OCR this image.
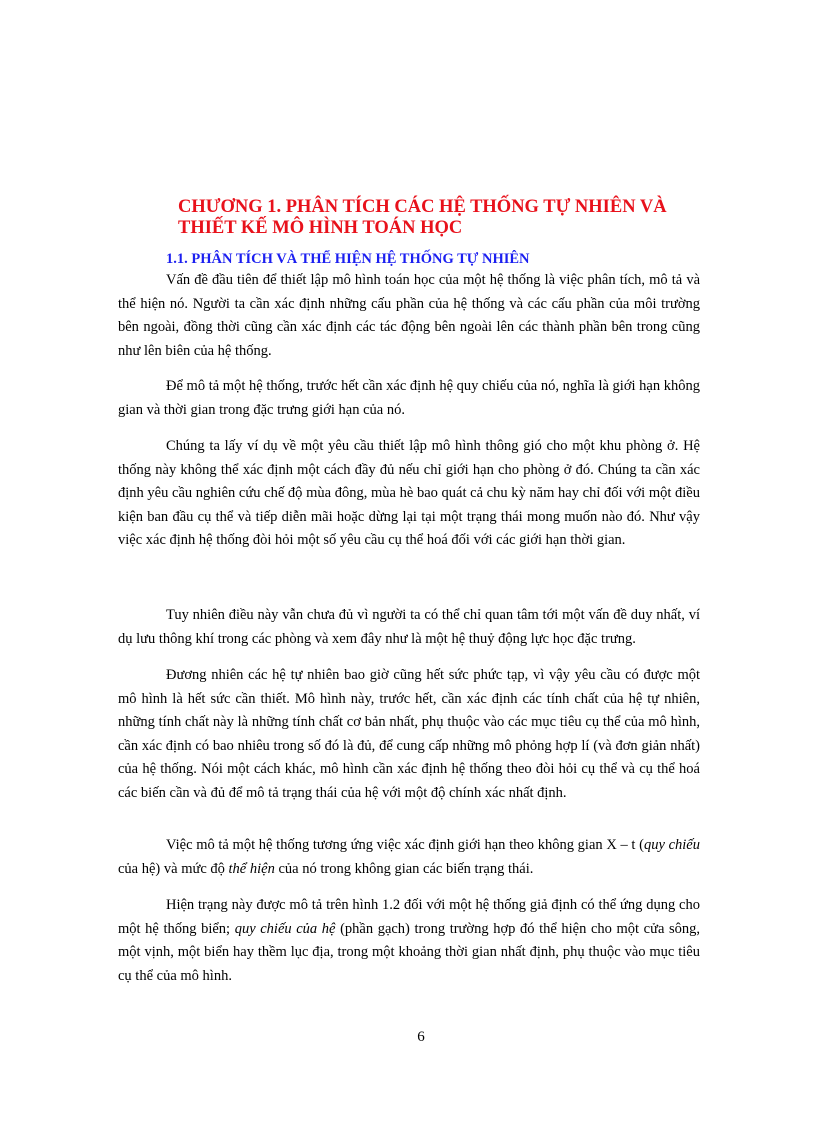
CHƯƠNG 1. PHÂN TÍCH CÁC HỆ THỐNG TỰ NHIÊN VÀ
THIẾT KẾ MÔ HÌNH TOÁN HỌC
1.1. PHÂN TÍCH VÀ THỂ HIỆN HỆ THỐNG TỰ NHIÊN

Vấn đề đầu tiên để thiết lập mô hình toán học của một hệ thống là việc phân tích, mô tả và thể hiện nó. Người ta cần xác định những cấu phần của hệ thống và các cấu phần của môi trường bên ngoài, đồng thời cũng cần xác định các tác động bên ngoài lên các thành phần bên trong cũng như lên biên của hệ thống.

Để mô tả một hệ thống, trước hết cần xác định hệ quy chiếu của nó, nghĩa là giới hạn không gian và thời gian trong đặc trưng giới hạn của nó.

Chúng ta lấy ví dụ về một yêu cầu thiết lập mô hình thông gió cho một khu phòng ở. Hệ thống này không thể xác định một cách đầy đủ nếu chỉ giới hạn cho phòng ở đó. Chúng ta cần xác định yêu cầu nghiên cứu chế độ mùa đông, mùa hè bao quát cả chu kỳ năm hay chỉ đối với một điều kiện ban đầu cụ thể và tiếp diễn mãi hoặc dừng lại tại một trạng thái mong muốn nào đó. Như vậy việc xác định hệ thống đòi hỏi một số yêu cầu cụ thể hoá đối với các giới hạn thời gian.

Tuy nhiên điều này vẫn chưa đủ vì người ta có thể chỉ quan tâm tới một vấn đề duy nhất, ví dụ lưu thông khí trong các phòng và xem đây như là một hệ thuỷ động lực học đặc trưng.

Đương nhiên các hệ tự nhiên bao giờ cũng hết sức phức tạp, vì vậy yêu cầu có được một mô hình là hết sức cần thiết. Mô hình này, trước hết, cần xác định các tính chất của hệ tự nhiên, những tính chất này là những tính chất cơ bản nhất, phụ thuộc vào các mục tiêu cụ thể của mô hình, cần xác định có bao nhiêu trong số đó là đủ, để cung cấp những mô phỏng hợp lí (và đơn giản nhất) của hệ thống. Nói một cách khác, mô hình cần xác định hệ thống theo đòi hỏi cụ thể và cụ thể hoá các biến cần và đủ để mô tả trạng thái của hệ với một độ chính xác nhất định.

Việc mô tả một hệ thống tương ứng việc xác định giới hạn theo không gian X – t (quy chiếu của hệ) và mức độ thể hiện của nó trong không gian các biến trạng thái.

Hiện trạng này được mô tả trên hình 1.2 đối với một hệ thống giả định có thể ứng dụng cho một hệ thống biển; quy chiếu của hệ (phần gạch) trong trường hợp đó thể hiện cho một cửa sông, một vịnh, một biển hay thềm lục địa, trong một khoảng thời gian nhất định, phụ thuộc vào mục tiêu cụ thể của mô hình.

6
